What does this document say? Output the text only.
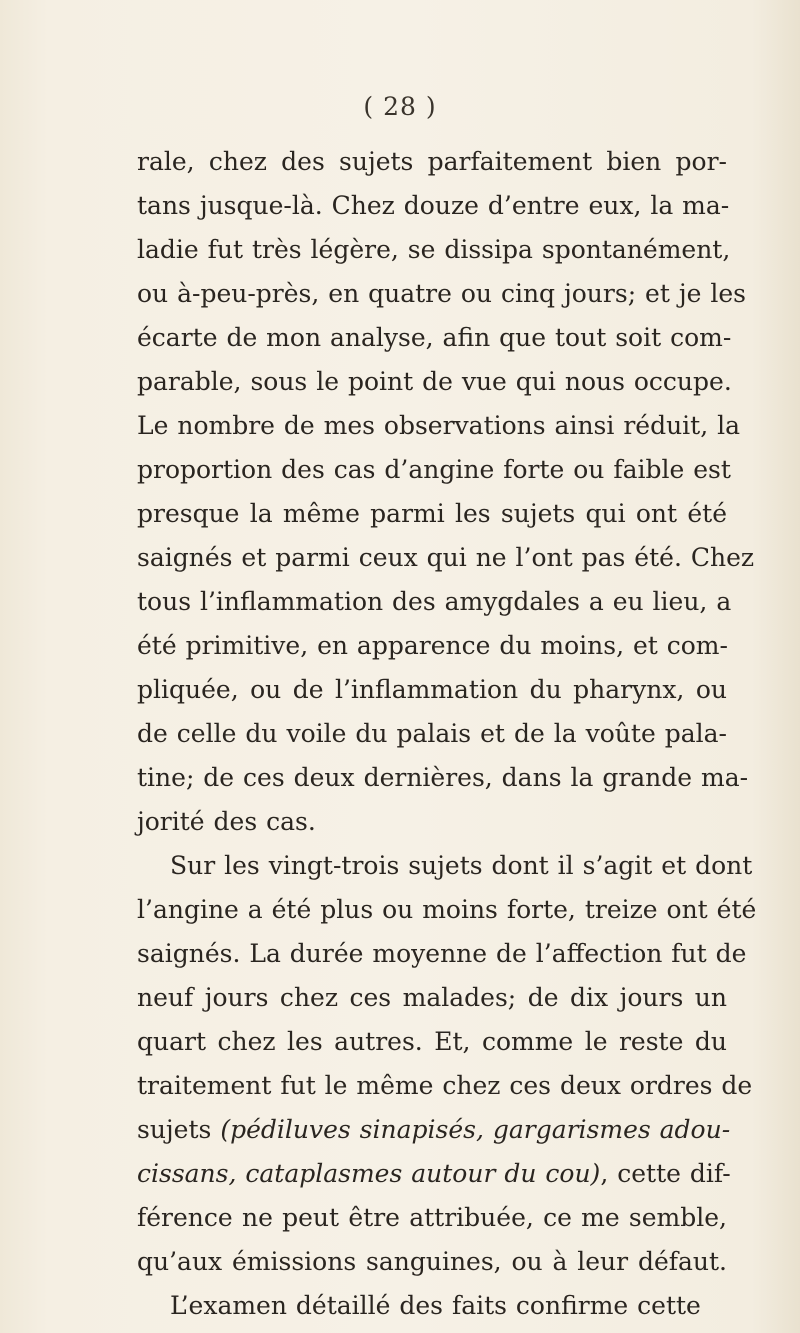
( 28 )
rale, chez des sujets parfaitement bien por-
tans jusque-là. Chez douze d’entre eux, la ma-
ladie fut très légère, se dissipa spontanément,
ou à-peu-près, en quatre ou cinq jours; et je les
écarte de mon analyse, afin que tout soit com-
parable, sous le point de vue qui nous occupe.
Le nombre de mes observations ainsi réduit, la
proportion des cas d’angine forte ou faible est
presque la même parmi les sujets qui ont été
saignés et parmi ceux qui ne l’ont pas été. Chez
tous l’inflammation des amygdales a eu lieu, a
été primitive, en apparence du moins, et com-
pliquée, ou de l’inflammation du pharynx, ou
de celle du voile du palais et de la voûte pala-
tine; de ces deux dernières, dans la grande ma-
jorité des cas.
Sur les vingt-trois sujets dont il s’agit et dont
l’angine a été plus ou moins forte, treize ont été
saignés. La durée moyenne de l’affection fut de
neuf jours chez ces malades; de dix jours un
quart chez les autres. Et, comme le reste du
traitement fut le même chez ces deux ordres de
sujets (pédiluves sinapisés, gargarismes adou-
cissans, cataplasmes autour du cou), cette dif-
férence ne peut être attribuée, ce me semble,
qu’aux émissions sanguines, ou à leur défaut.
L’examen détaillé des faits confirme cette
